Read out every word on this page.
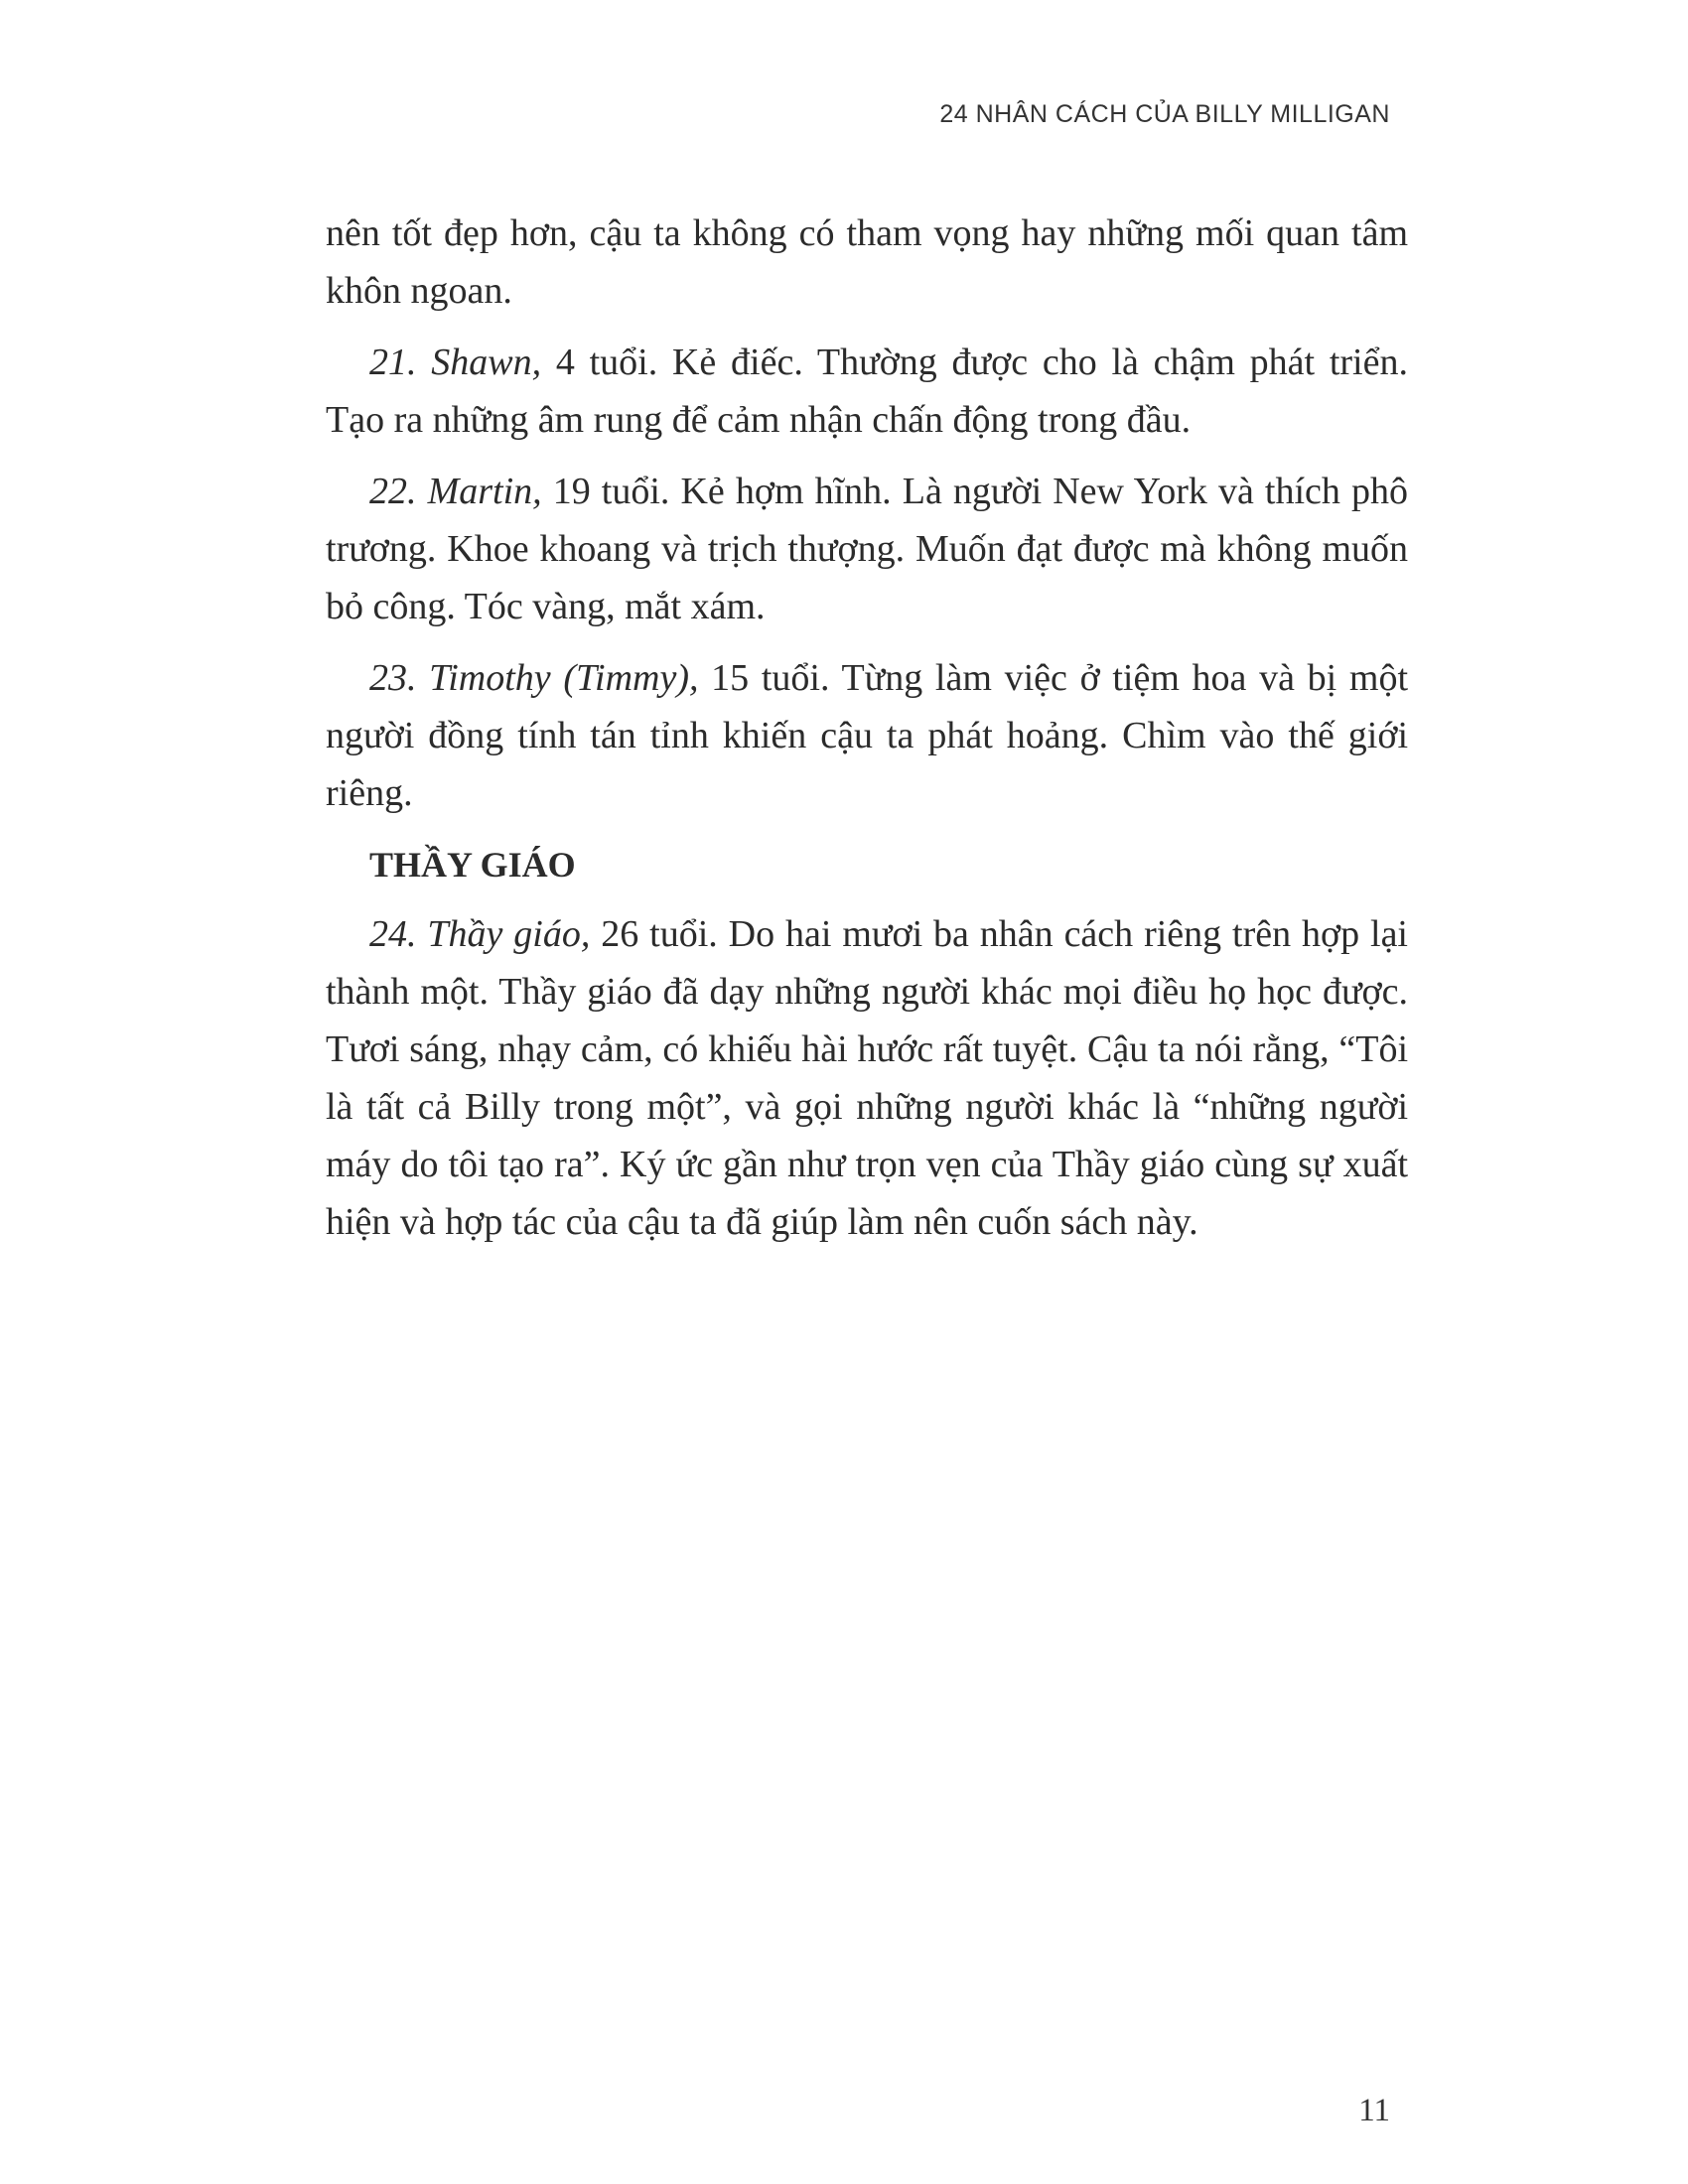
24 NHÂN CÁCH CỦA BILLY MILLIGAN

nên tốt đẹp hơn, cậu ta không có tham vọng hay những mối quan tâm khôn ngoan.

21. Shawn, 4 tuổi. Kẻ điếc. Thường được cho là chậm phát triển. Tạo ra những âm rung để cảm nhận chấn động trong đầu.

22. Martin, 19 tuổi. Kẻ hợm hĩnh. Là người New York và thích phô trương. Khoe khoang và trịch thượng. Muốn đạt được mà không muốn bỏ công. Tóc vàng, mắt xám.

23. Timothy (Timmy), 15 tuổi. Từng làm việc ở tiệm hoa và bị một người đồng tính tán tỉnh khiến cậu ta phát hoảng. Chìm vào thế giới riêng.

THẦY GIÁO

24. Thầy giáo, 26 tuổi. Do hai mươi ba nhân cách riêng trên hợp lại thành một. Thầy giáo đã dạy những người khác mọi điều họ học được. Tươi sáng, nhạy cảm, có khiếu hài hước rất tuyệt. Cậu ta nói rằng, “Tôi là tất cả Billy trong một”, và gọi những người khác là “những người máy do tôi tạo ra”. Ký ức gần như trọn vẹn của Thầy giáo cùng sự xuất hiện và hợp tác của cậu ta đã giúp làm nên cuốn sách này.

11
